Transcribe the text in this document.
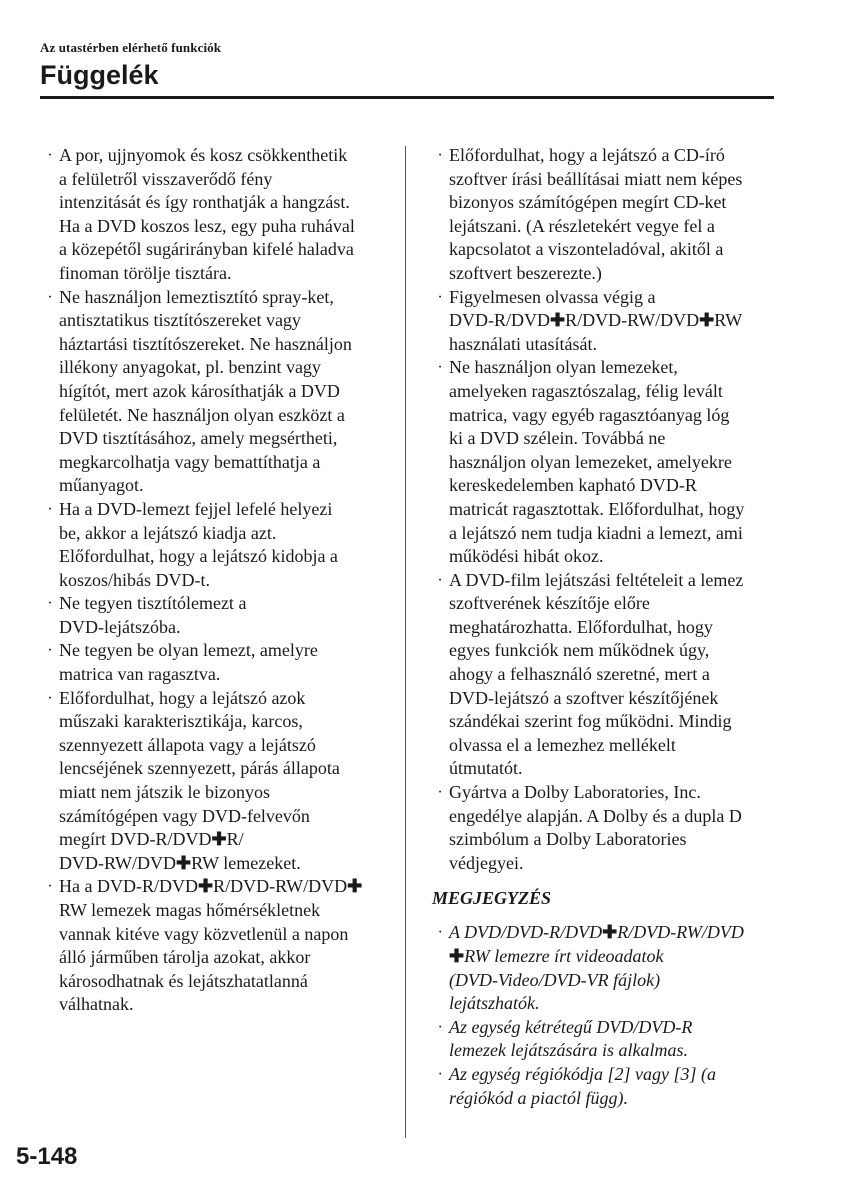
Az utastérben elérhető funkciók
Függelék
· A por, ujjnyomok és kosz csökkenthetik
a felületről visszaverődő fény
intenzitását és így ronthatják a hangzást.
Ha a DVD koszos lesz, egy puha ruhával
a közepétől sugárirányban kifelé haladva
finoman törölje tisztára.
· Ne használjon lemeztisztító spray-ket,
antisztatikus tisztítószereket vagy
háztartási tisztítószereket. Ne használjon
illékony anyagokat, pl. benzint vagy
hígítót, mert azok károsíthatják a DVD
felületét. Ne használjon olyan eszközt a
DVD tisztításához, amely megsértheti,
megkarcolhatja vagy bemattíthatja a
műanyagot.
· Ha a DVD-lemezt fejjel lefelé helyezi
be, akkor a lejátszó kiadja azt.
Előfordulhat, hogy a lejátszó kidobja a
koszos/hibás DVD-t.
· Ne tegyen tisztítólemezt a
DVD-lejátszóba.
· Ne tegyen be olyan lemezt, amelyre
matrica van ragasztva.
· Előfordulhat, hogy a lejátszó azok
műszaki karakterisztikája, karcos,
szennyezett állapota vagy a lejátszó
lencséjének szennyezett, párás állapota
miatt nem játszik le bizonyos
számítógépen vagy DVD-felvevőn
megírt DVD-R/DVD✚R/
DVD-RW/DVD✚RW lemezeket.
· Ha a DVD-R/DVD✚R/DVD-RW/DVD✚
RW lemezek magas hőmérsékletnek
vannak kitéve vagy közvetlenül a napon
álló járműben tárolja azokat, akkor
károsodhatnak és lejátszhatatlanná
válhatnak.
· Előfordulhat, hogy a lejátszó a CD-író
szoftver írási beállításai miatt nem képes
bizonyos számítógépen megírt CD-ket
lejátszani. (A részletekért vegye fel a
kapcsolatot a viszonteladóval, akitől a
szoftvert beszerezte.)
· Figyelmesen olvassa végig a
DVD-R/DVD✚R/DVD-RW/DVD✚RW
használati utasítását.
· Ne használjon olyan lemezeket,
amelyeken ragasztószalag, félig levált
matrica, vagy egyéb ragasztóanyag lóg
ki a DVD szélein. Továbbá ne
használjon olyan lemezeket, amelyekre
kereskedelemben kapható DVD-R
matricát ragasztottak. Előfordulhat, hogy
a lejátszó nem tudja kiadni a lemezt, ami
működési hibát okoz.
· A DVD-film lejátszási feltételeit a lemez
szoftverének készítője előre
meghatározhatta. Előfordulhat, hogy
egyes funkciók nem működnek úgy,
ahogy a felhasználó szeretné, mert a
DVD-lejátszó a szoftver készítőjének
szándékai szerint fog működni. Mindig
olvassa el a lemezhez mellékelt
útmutatót.
· Gyártva a Dolby Laboratories, Inc.
engedélye alapján. A Dolby és a dupla D
szimbólum a Dolby Laboratories
védjegyei.
MEGJEGYZÉS
· A DVD/DVD-R/DVD✚R/DVD-RW/DVD
✚RW lemezre írt videoadatok
(DVD-Video/DVD-VR fájlok)
lejátszhatók.
· Az egység kétrétegű DVD/DVD-R
lemezek lejátszására is alkalmas.
· Az egység régiókódja [2] vagy [3] (a
régiókód a piactól függ).
5-148
